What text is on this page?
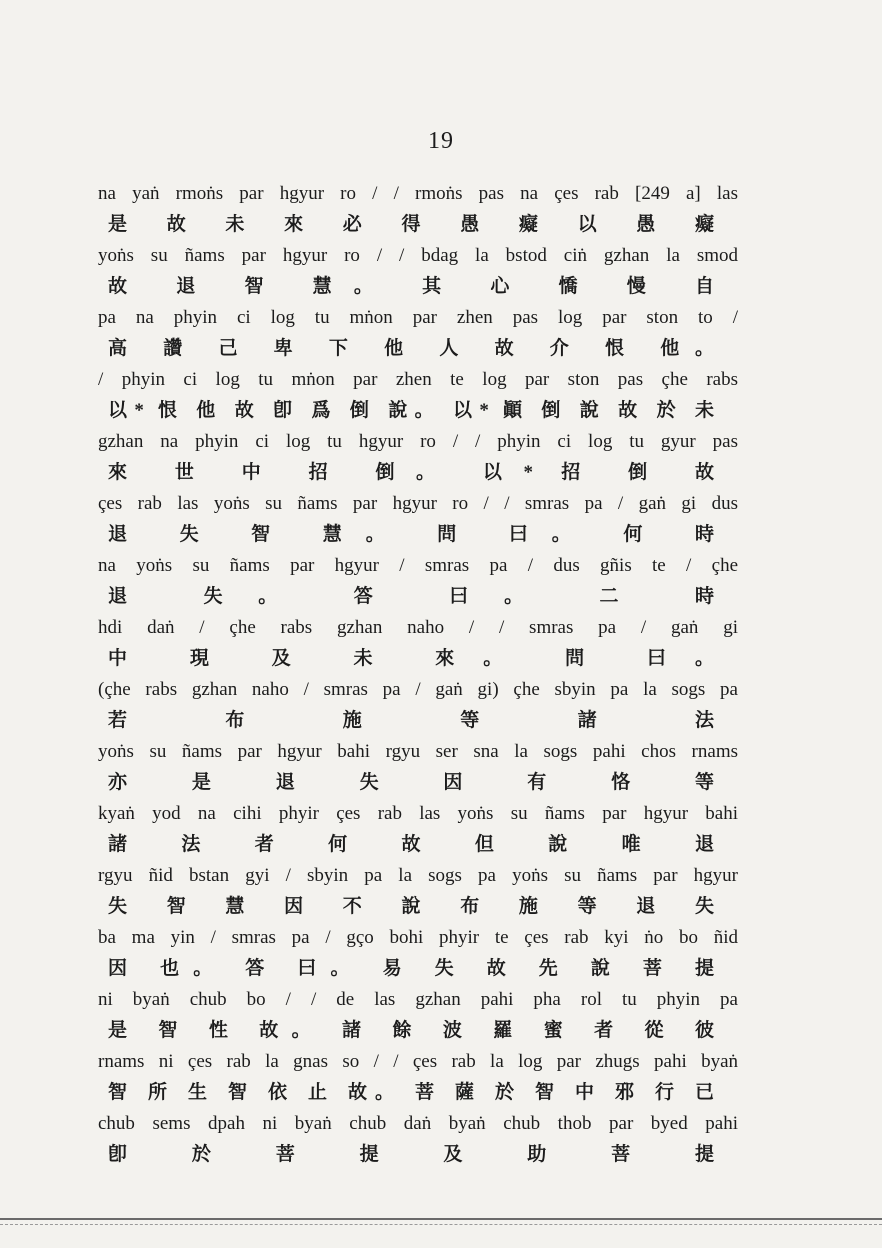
19
na yaṅ rmoṅs par hgyur ro / / rmoṅs pas na çes rab [249 a] las
是 故 未 來 必 得 愚 癡 以 愚 癡
yoṅs su ñams par hgyur ro / / bdag la bstod ciṅ gzhan la smod
故 退 智 慧。 其 心 憍 慢 自
pa na phyin ci log tu mṅon par zhen pas log par ston to /
高 讚 己 卑 下 他 人 故 介 恨 他。
/ phyin ci log tu mṅon par zhen te log par ston pas çhe rabs
以* 恨 他 故 卽 爲 倒 說。 以* 顚 倒 說 故 於 未
gzhan na phyin ci log tu hgyur ro / / phyin ci log tu gyur pas
來 世 中 招 倒。 以* 招 倒 故
çes rab las yoṅs su ñams par hgyur ro / / smras pa / gaṅ gi dus
退 失 智 慧。 問 曰。 何 時
na yoṅs su ñams par hgyur / smras pa / dus gñis te / çhe
退 失。 答 曰。 二 時
hdi daṅ / çhe rabs gzhan naho / / smras pa / gaṅ gi
中 現 及 未 來。 問 曰。
(çhe rabs gzhan naho / smras pa / gaṅ gi) çhe sbyin pa la sogs pa
若 布 施 等 諸 法
yoṅs su ñams par hgyur bahi rgyu ser sna la sogs pahi chos rnams
亦 是 退 失 因 有 恪 等
kyaṅ yod na cihi phyir çes rab las yoṅs su ñams par hgyur bahi
諸 法 者 何 故 但 說 唯 退
rgyu ñid bstan gyi / sbyin pa la sogs pa yoṅs su ñams par hgyur
失 智 慧 因 不 說 布 施 等 退 失
ba ma yin / smras pa / gço bohi phyir te çes rab kyi ṅo bo ñid
因 也。 答 曰。 易 失 故 先 說 菩 提
ni byaṅ chub bo / / de las gzhan pahi pha rol tu phyin pa
是 智 性 故。 諸 餘 波 羅 蜜 者 從 彼
rnams ni çes rab la gnas so / / çes rab la log par zhugs pahi byaṅ
智 所 生 智 依 止 故。 菩 薩 於 智 中 邪 行 已
chub sems dpah ni byaṅ chub daṅ byaṅ chub thob par byed pahi
卽 於 菩 提 及 助 菩 提
